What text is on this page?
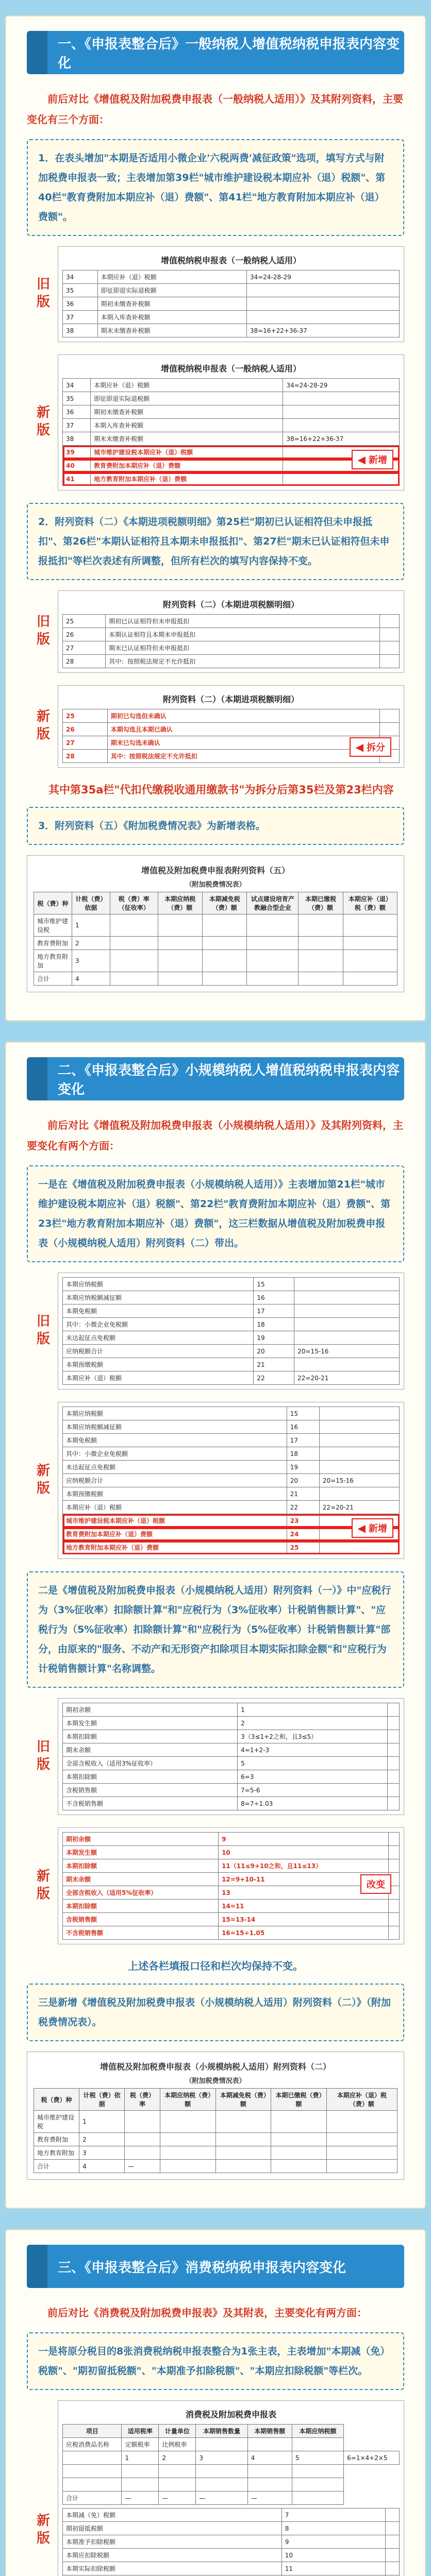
一、《申报表整合后》一般纳税人增值税纳税申报表内容变化

前后对比《增值税及附加税费申报表（一般纳税人适用）》及其附列资料，主要变化有三个方面：

1．在表头增加"本期是否适用小微企业'六税两费'减征政策"选项，填写方式与附加税费申报表一致；主表增加第39栏"城市维护建设税本期应补（退）税额"、第40栏"教育费附加本期应补（退）费额"、第41栏"地方教育附加本期应补（退）费额"。
旧版
增值税纳税申报表（一般纳税人适用）
34	本期应补（退）税额	34=24-28-29
35	即征即退实际退税额	
36	期初未缴查补税额	
37	本期入库查补税额	
38	期末未缴查补税额	38=16+22+36-37
新版
增值税纳税申报表（一般纳税人适用）
34	本期应补（退）税额	34=24-28-29
35	即征即退实际退税额	
36	期初未缴查补税额	
37	本期入库查补税额	
38	期末未缴查补税额	38=16+22+36-37
39	城市维护建设税本期应补（退）税额	
40	教育费附加本期应补（退）费额	
41	地方教育附加本期应补（退）费额	
◀ 新增
2．附列资料（二）《本期进项税额明细》第25栏"期初已认证相符但未申报抵扣"、第26栏"本期认证相符且本期未申报抵扣"、第27栏"期末已认证相符但未申报抵扣"等栏次表述有所调整，但所有栏次的填写内容保持不变。
旧版
附列资料（二）（本期进项税额明细）
25	期初已认证相符但未申报抵扣	
26	本期认证相符且本期未申报抵扣	
27	期末已认证相符但未申报抵扣	
28	其中：按照税法规定不允许抵扣	
新版
附列资料（二）（本期进项税额明细）
25	期初已勾选但未确认	
26	本期勾选且本期已确认	
27	期末已勾选未确认	
28	其中：按照税法规定不允许抵扣	
◀ 拆分

其中第35a栏"代扣代缴税收通用缴款书"为拆分后第35栏及第23栏内容

3．附列资料（五）《附加税费情况表》为新增表格。
增值税及附加税费申报表附列资料（五）
（附加税费情况表）
税（费）种	计税（费）依据	税（费）率（征收率）	本期应纳税（费）额	本期减免税（费）额	试点建设培育产教融合型企业	本期已缴税（费）额	本期应补（退）税（费）额
城市维护建设税	1						
教育费附加	2						
地方教育附加	3						
合计	4						
二、《申报表整合后》小规模纳税人增值税纳税申报表内容变化

前后对比《增值税及附加税费申报表（小规模纳税人适用）》及其附列资料，主要变化有两个方面：

一是在《增值税及附加税费申报表（小规模纳税人适用）》主表增加第21栏"城市维护建设税本期应补（退）税额"、第22栏"教育费附加本期应补（退）费额"、第23栏"地方教育附加本期应补（退）费额"，这三栏数据从增值税及附加税费申报表（小规模纳税人适用）附列资料（二）带出。
旧版
本期应纳税额	15	
本期应纳税额减征额	16	
本期免税额	17	
其中：小微企业免税额	18	
未达起征点免税额	19	
应纳税额合计	20	20=15-16
本期预缴税额	21	
本期应补（退）税额	22	22=20-21
新版
本期应纳税额	15	
本期应纳税额减征额	16	
本期免税额	17	
其中：小微企业免税额	18	
未达起征点免税额	19	
应纳税额合计	20	20=15-16
本期预缴税额	21	
本期应补（退）税额	22	22=20-21
城市维护建设税本期应补（退）税额	23	
教育费附加本期应补（退）费额	24	
地方教育附加本期应补（退）费额	25	
◀ 新增
二是《增值税及附加税费申报表（小规模纳税人适用）附列资料（一）》中"应税行为（3%征收率）扣除额计算"和"应税行为（3%征收率）计税销售额计算"、"应税行为（5%征收率）扣除额计算"和"应税行为（5%征收率）计税销售额计算"部分，由原来的"服务、不动产和无形资产扣除项目本期实际扣除金额"和"应税行为计税销售额计算"名称调整。
旧版
期初余额	1	
本期发生额	2	
本期扣除额	3（3≤1+2之和，且3≤5）	
期末余额	4=1+2-3	
全部含税收入（适用3%征收率）	5	
本期扣除额	6=3	
含税销售额	7=5-6	
不含税销售额	8=7÷1.03	
新版
期初余额	9	
本期发生额	10	
本期扣除额	11（11≤9+10之和，且11≤13）	
期末余额	12=9+10-11	
全部含税收入（适用5%征收率）	13	
本期扣除额	14=11	
含税销售额	15=13-14	
不含税销售额	16=15÷1.05	
改变
上述各栏填报口径和栏次均保持不变。
三是新增《增值税及附加税费申报表（小规模纳税人适用）附列资料（二）》（附加税费情况表）。
增值税及附加税费申报表（小规模纳税人适用）附列资料（二）
（附加税费情况表）
税（费）种	计税（费）依据	税（费）率	本期应纳税（费）额	本期减免税（费）额	本期已缴税（费）额	本期应补（退）税（费）额
城市维护建设税	1					
教育费附加	2					
地方教育附加	3					
合计	4	—				
三、《申报表整合后》消费税纳税申报表内容变化

前后对比《消费税及附加税费申报表》及其附表，主要变化有两方面：

一是将原分税目的8张消费税纳税申报表整合为1张主表，主表增加"本期减（免）税额"、"期初留抵税额"、"本期准予扣除税额"、"本期应扣除税额"等栏次。
新版
消费税及附加税费申报表
项目	适用税率	计量单位	本期销售数量	本期销售额	本期应纳税额	
应税消费品名称	定额税率	比例税率				
	1	2	3	4	5	6=1×4+2×5

合计	—	—	—	—		
本期减（免）税额	7	
期初留抵税额	8	
本期准予扣除税额	9	
本期应扣除税额	10	
本期实际扣除税额	11	
